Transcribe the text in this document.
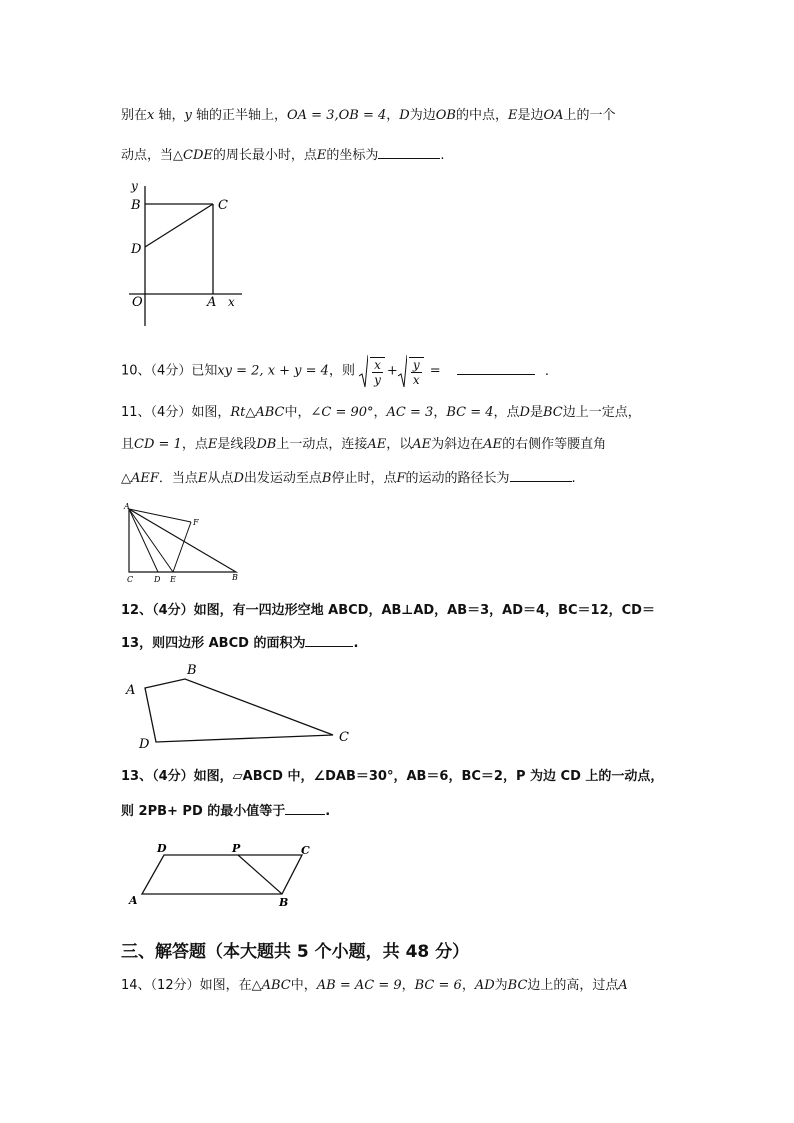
别在x 轴，y 轴的正半轴上，OA = 3,OB = 4，D为边OB的中点，E是边OA上的一个
动点，当△CDE的周长最小时，点E的坐标为	.
y
B	C
D
O	A x
10、（4分）已知xy = 2, x + y = 4，则 $\frac{x}{y} + \frac{y}{x}$ =	.
11、（4分）如图，Rt△ABC中，∠C = 90°，AC = 3，BC = 4，点D是BC边上一定点，
且CD = 1，点E是线段DB上一动点，连接AE，以AE为斜边在AE的右侧作等腰直角
△AEF．当点E从点D出发运动至点B停止时，点F的运动的路径长为	.
A
F
C	D E	B
12、（4分）如图，有一四边形空地 ABCD，AB⊥AD，AB＝3，AD＝4，BC＝12，CD＝
13，则四边形 ABCD 的面积为	.
A
B
C
D
13、（4分）如图，▱ABCD 中，∠DAB＝30°，AB＝6，BC＝2，P 为边 CD 上的一动点，
则 2PB+ PD 的最小值等于	.
D	P	C
A	B
三、解答题（本大题共 5 个小题，共 48 分）
14、（12分）如图，在△ABC中，AB = AC = 9，BC = 6，AD为BC边上的高，过点A
